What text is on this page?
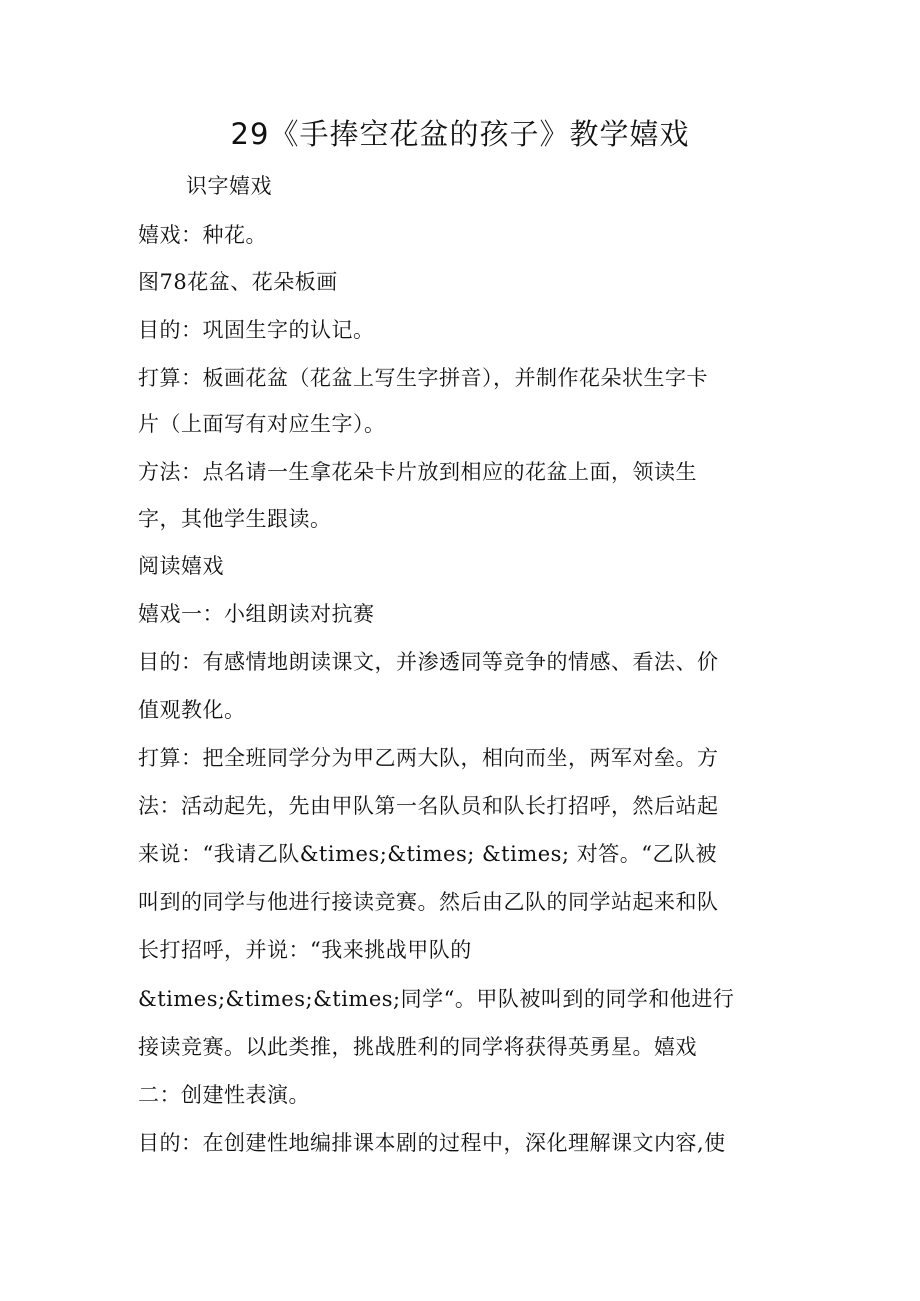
29《手捧空花盆的孩子》教学嬉戏
识字嬉戏
嬉戏：种花。
图78花盆、花朵板画
目的：巩固生字的认记。
打算：板画花盆（花盆上写生字拼音），并制作花朵状生字卡
片（上面写有对应生字）。
方法：点名请一生拿花朵卡片放到相应的花盆上面，领读生
字，其他学生跟读。
阅读嬉戏
嬉戏一：小组朗读对抗赛
目的：有感情地朗读课文，并渗透同等竞争的情感、看法、价
值观教化。
打算：把全班同学分为甲乙两大队，相向而坐，两军对垒。方
法：活动起先，先由甲队第一名队员和队长打招呼，然后站起
来说：“我请乙队&times;&times; &times; 对答。“乙队被
叫到的同学与他进行接读竞赛。然后由乙队的同学站起来和队
长打招呼，并说：“我来挑战甲队的
&times;&times;&times;同学“。甲队被叫到的同学和他进行
接读竞赛。以此类推，挑战胜利的同学将获得英勇星。嬉戏
二：创建性表演。
目的：在创建性地编排课本剧的过程中，深化理解课文内容,使
